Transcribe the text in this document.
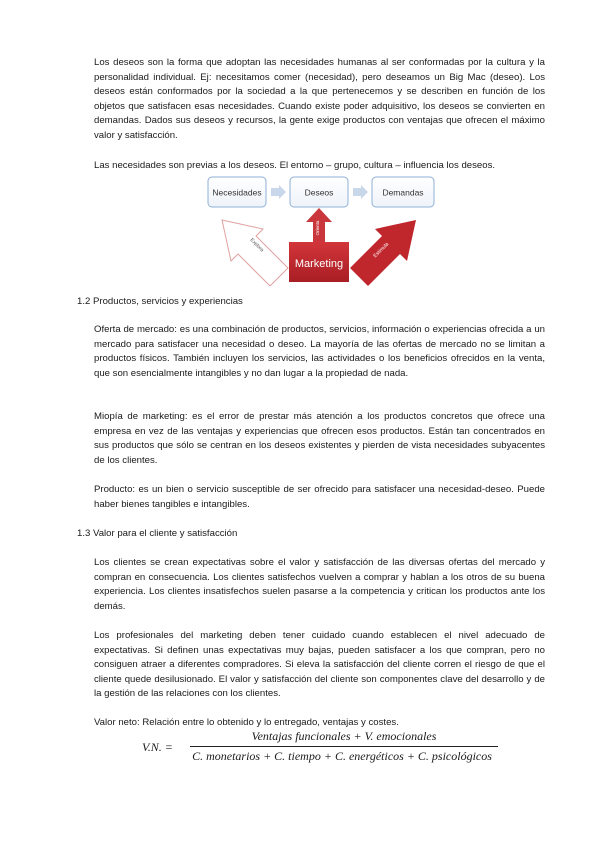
Los deseos son la forma que adoptan las necesidades humanas al ser conformadas por la cultura y la personalidad individual. Ej: necesitamos comer (necesidad), pero deseamos un Big Mac (deseo). Los deseos están conformados por la sociedad a la que pertenecemos y se describen en función de los objetos que satisfacen esas necesidades. Cuando existe poder adquisitivo, los deseos se convierten en demandas. Dados sus deseos y recursos, la gente exige productos con ventajas que ofrecen el máximo valor y satisfacción.

Las necesidades son previas a los deseos. El entorno – grupo, cultura – influencia los deseos.

Necesidades	Deseos	Demandas
Explora
Orienta
Estimula
Marketing

1.2 Productos, servicios y experiencias

Oferta de mercado: es una combinación de productos, servicios, información o experiencias ofrecida a un mercado para satisfacer una necesidad o deseo. La mayoría de las ofertas de mercado no se limitan a productos físicos. También incluyen los servicios, las actividades o los beneficios ofrecidos en la venta, que son esencialmente intangibles y no dan lugar a la propiedad de nada.

Miopía de marketing: es el error de prestar más atención a los productos concretos que ofrece una empresa en vez de las ventajas y experiencias que ofrecen esos productos. Están tan concentrados en sus productos que sólo se centran en los deseos existentes y pierden de vista necesidades subyacentes de los clientes.

Producto: es un bien o servicio susceptible de ser ofrecido para satisfacer una necesidad-deseo. Puede haber bienes tangibles e intangibles.

1.3 Valor para el cliente y satisfacción

Los clientes se crean expectativas sobre el valor y satisfacción de las diversas ofertas del mercado y compran en consecuencia. Los clientes satisfechos vuelven a comprar y hablan a los otros de su buena experiencia. Los clientes insatisfechos suelen pasarse a la competencia y critican los productos ante los demás.

Los profesionales del marketing deben tener cuidado cuando establecen el nivel adecuado de expectativas. Si definen unas expectativas muy bajas, pueden satisfacer a los que compran, pero no consiguen atraer a diferentes compradores. Si eleva la satisfacción del cliente corren el riesgo de que el cliente quede desilusionado. El valor y satisfacción del cliente son componentes clave del desarrollo y de la gestión de las relaciones con los clientes.

Valor neto: Relación entre lo obtenido y lo entregado, ventajas y costes.

V.N. =
Ventajas funcionales + V. emocionales
C. monetarios + C. tiempo + C. energéticos + C. psicológicos
